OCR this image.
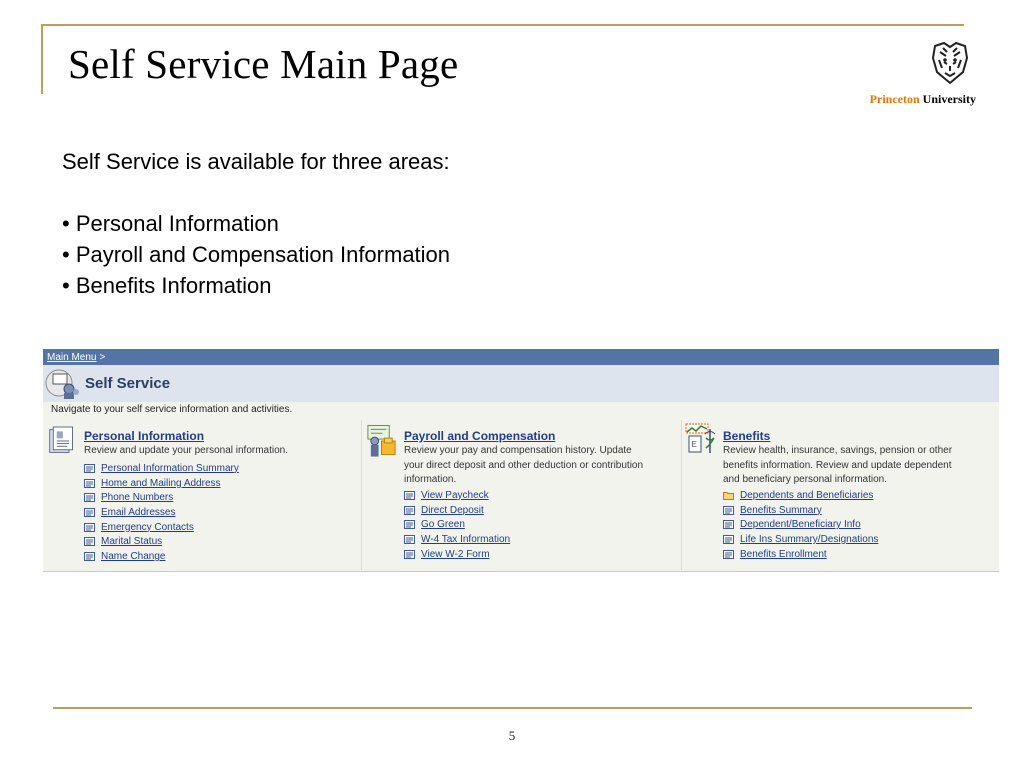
Self Service Main Page
Princeton University
Self Service is available for three areas:
• Personal Information
• Payroll and Compensation Information
• Benefits Information
Main Menu >
Self Service
Navigate to your self service information and activities.
Personal Information
Review and update your personal information.
Personal Information Summary
Home and Mailing Address
Phone Numbers
Email Addresses
Emergency Contacts
Marital Status
Name Change
Payroll and Compensation
Review your pay and compensation history. Update
your direct deposit and other deduction or contribution
information.
View Paycheck
Direct Deposit
Go Green
W-4 Tax Information
View W-2 Form
E
Benefits
Review health, insurance, savings, pension or other
benefits information. Review and update dependent
and beneficiary personal information.
Dependents and Beneficiaries
Benefits Summary
Dependent/Beneficiary Info
Life Ins Summary/Designations
Benefits Enrollment
5
